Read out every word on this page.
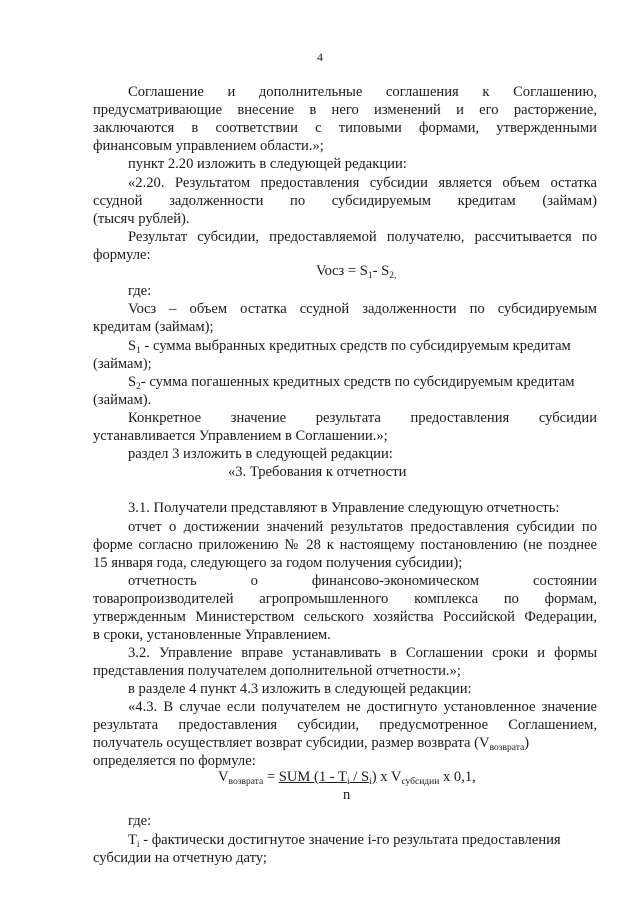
4
Соглашение и дополнительные соглашения к Соглашению,
предусматривающие внесение в него изменений и его расторжение,
заключаются в соответствии с типовыми формами, утвержденными
финансовым управлением области.»;
пункт 2.20 изложить в следующей редакции:
«2.20. Результатом предоставления субсидии является объем остатка
ссудной задолженности по субсидируемым кредитам (займам)
(тысяч рублей).
Результат субсидии, предоставляемой получателю, рассчитывается по
формуле:
Vocз = $S_1-$ $S_{2,}$
где:
Vocз – объем остатка ссудной задолженности по субсидируемым
кредитам (займам);
$S_1$ - сумма выбранных кредитных средств по субсидируемым кредитам
(займам);
$S_2-$ сумма погашенных кредитных средств по субсидируемым кредитам
(займам).
Конкретное значение результата предоставления субсидии
устанавливается Управлением в Соглашении.»;
раздел 3 изложить в следующей редакции:
«3. Требования к отчетности
3.1. Получатели представляют в Управление следующую отчетность:
отчет о достижении значений результатов предоставления субсидии по
форме согласно приложению № 28 к настоящему постановлению (не позднее
15 января года, следующего за годом получения субсидии);
отчетность о финансово-экономическом состоянии
товаропроизводителей агропромышленного комплекса по формам,
утвержденным Министерством сельского хозяйства Российской Федерации,
в сроки, установленные Управлением.
3.2. Управление вправе устанавливать в Соглашении сроки и формы
представления получателем дополнительной отчетности.»;
в разделе 4 пункт 4.3 изложить в следующей редакции:
«4.3. В случае если получателем не достигнуто установленное значение
результата предоставления субсидии, предусмотренное Соглашением,
получатель осуществляет возврат субсидии, размер возврата $(V_{возврата})$
определяется по формуле:
$V_{возврата}$ = SUM $(1 - T_i / S_i)$ x $V_{субсидии}$ x 0,1,
n
где:
$T_i$ - фактически достигнутое значение i-го результата предоставления
субсидии на отчетную дату;
